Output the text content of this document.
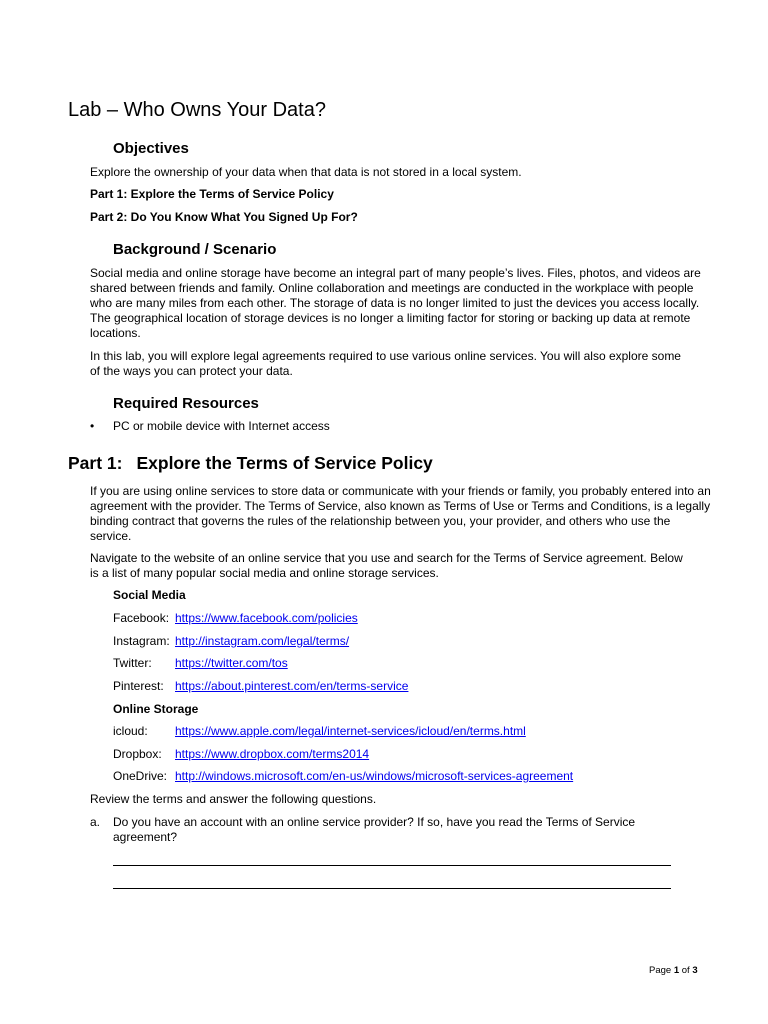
Lab – Who Owns Your Data?
Objectives

Explore the ownership of your data when that data is not stored in a local system.

Part 1: Explore the Terms of Service Policy

Part 2: Do You Know What You Signed Up For?

Background / Scenario

Social media and online storage have become an integral part of many people’s lives. Files, photos, and videos are shared between friends and family. Online collaboration and meetings are conducted in the workplace with people who are many miles from each other. The storage of data is no longer limited to just the devices you access locally. The geographical location of storage devices is no longer a limiting factor for storing or backing up data at remote locations.

In this lab, you will explore legal agreements required to use various online services. You will also explore some of the ways you can protect your data.

Required Resources
• PC or mobile device with Internet access
Part 1: Explore the Terms of Service Policy

If you are using online services to store data or communicate with your friends or family, you probably entered into an agreement with the provider. The Terms of Service, also known as Terms of Use or Terms and Conditions, is a legally binding contract that governs the rules of the relationship between you, your provider, and others who use the service.

Navigate to the website of an online service that you use and search for the Terms of Service agreement. Below is a list of many popular social media and online storage services.

Social Media
Facebook: https://www.facebook.com/policies
Instagram: http://instagram.com/legal/terms/
Twitter: https://twitter.com/tos
Pinterest: https://about.pinterest.com/en/terms-service
Online Storage
icloud: https://www.apple.com/legal/internet-services/icloud/en/terms.html
Dropbox: https://www.dropbox.com/terms2014
OneDrive: http://windows.microsoft.com/en-us/windows/microsoft-services-agreement

Review the terms and answer the following questions.

a. Do you have an account with an online service provider? If so, have you read the Terms of Service agreement?
Page 1 of 3
